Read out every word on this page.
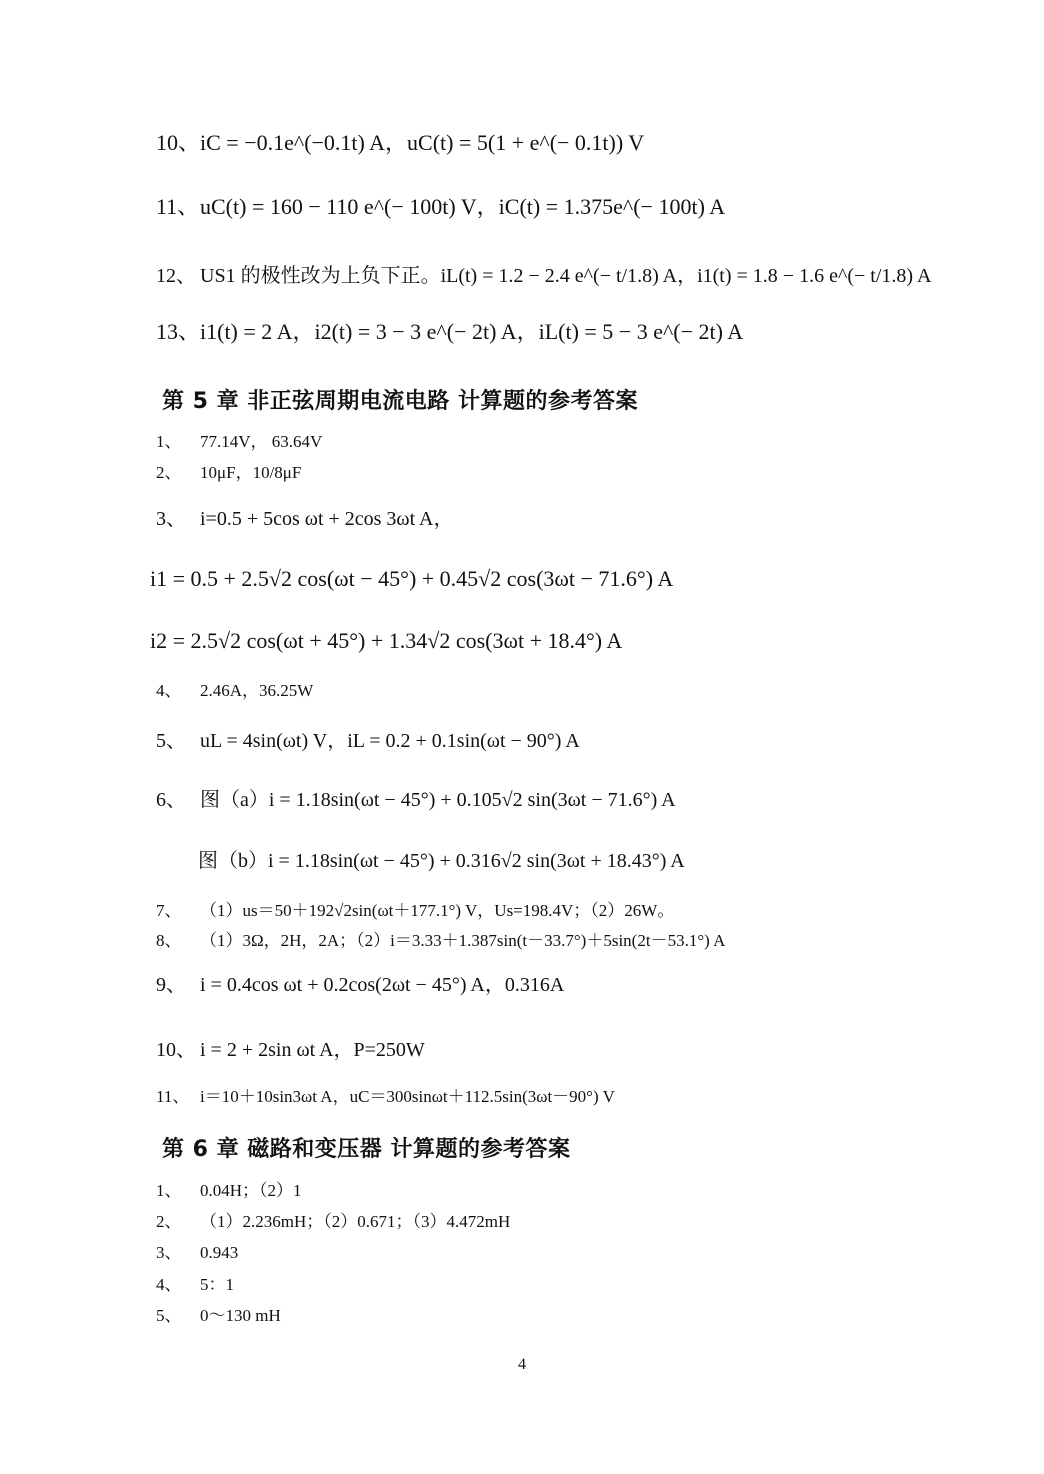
10、iC = −0.1e^(−0.1t) A，uC(t) = 5(1 + e^(− 0.1t)) V
11、uC(t) = 160 − 110 e^(− 100t) V，iC(t) = 1.375e^(− 100t) A
12、 US1 的极性改为上负下正。iL(t) = 1.2 − 2.4 e^(− t/1.8) A，i1(t) = 1.8 − 1.6 e^(− t/1.8) A
13、i1(t) = 2 A，i2(t) = 3 − 3 e^(− 2t) A，iL(t) = 5 − 3 e^(− 2t) A
第 5 章 非正弦周期电流电路 计算题的参考答案
1、 77.14V， 63.64V
2、 10μF，10/8μF
3、 i=0.5 + 5cos ωt + 2cos 3ωt A，
i1 = 0.5 + 2.5√2 cos(ωt − 45°) + 0.45√2 cos(3ωt − 71.6°) A
i2 = 2.5√2 cos(ωt + 45°) + 1.34√2 cos(3ωt + 18.4°) A
4、 2.46A，36.25W
5、 uL = 4sin(ωt) V，iL = 0.2 + 0.1sin(ωt − 90°) A
6、 图（a）i = 1.18sin(ωt − 45°) + 0.105√2 sin(3ωt − 71.6°) A
图（b）i = 1.18sin(ωt − 45°) + 0.316√2 sin(3ωt + 18.43°) A
7、 （1）us＝50＋192√2sin(ωt＋177.1°) V，Us=198.4V；（2）26W。
8、 （1）3Ω，2H，2A；（2）i＝3.33＋1.387sin(t－33.7°)＋5sin(2t－53.1°) A
9、 i = 0.4cos ωt + 0.2cos(2ωt − 45°) A，0.316A
10、 i = 2 + 2sin ωt A，P=250W
11、 i＝10＋10sin3ωt A，uC＝300sinωt＋112.5sin(3ωt－90°) V
第 6 章 磁路和变压器 计算题的参考答案
1、 0.04H；（2）1
2、 （1）2.236mH；（2）0.671；（3）4.472mH
3、 0.943
4、 5：1
5、 0～130 mH
4
